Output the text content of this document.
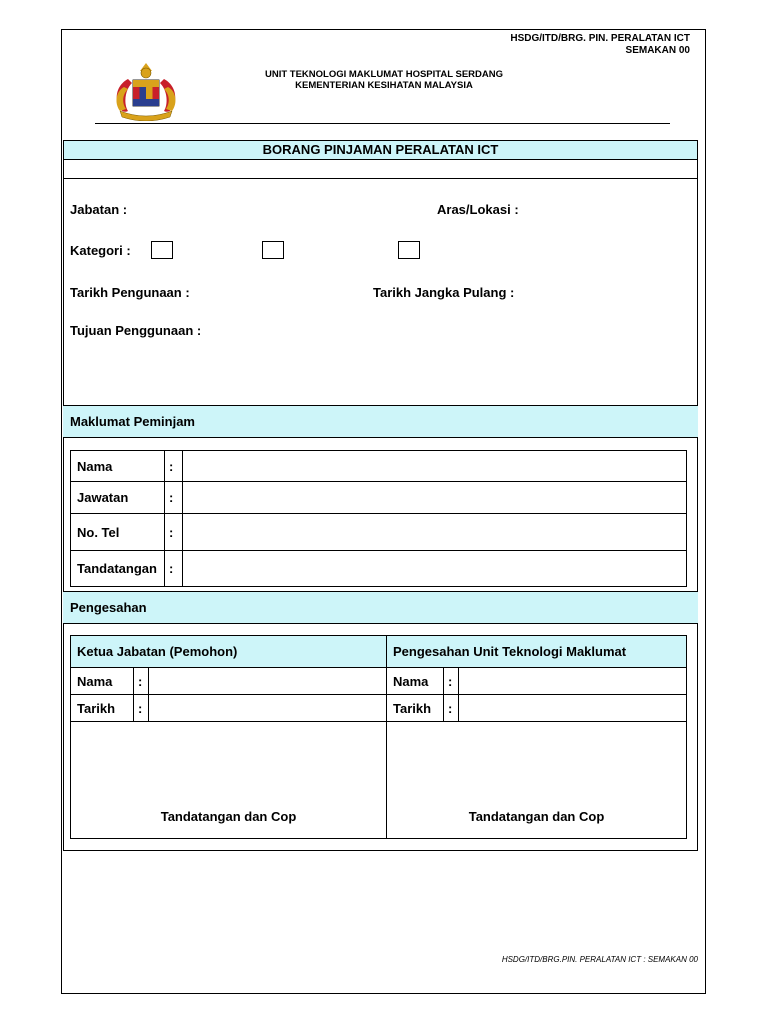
HSDG/ITD/BRG. PIN. PERALATAN ICT
SEMAKAN 00
UNIT TEKNOLOGI MAKLUMAT HOSPITAL SERDANG
KEMENTERIAN KESIHATAN MALAYSIA
BORANG PINJAMAN PERALATAN ICT
Jabatan :	Aras/Lokasi :
Kategori :
Tarikh Pengunaan :	Tarikh Jangka Pulang :
Tujuan Penggunaan :
Maklumat Peminjam
Nama	:	
Jawatan	:	
No. Tel	:	
Tandatangan	:	
Pengesahan
Ketua Jabatan (Pemohon)			Pengesahan Unit Teknologi Maklumat		
Nama	:		Nama	:	
Tarikh	:		Tarikh	:	

Tandatangan dan Cop			Tandatangan dan Cop		
HSDG/ITD/BRG.PIN. PERALATAN ICT : SEMAKAN 00
